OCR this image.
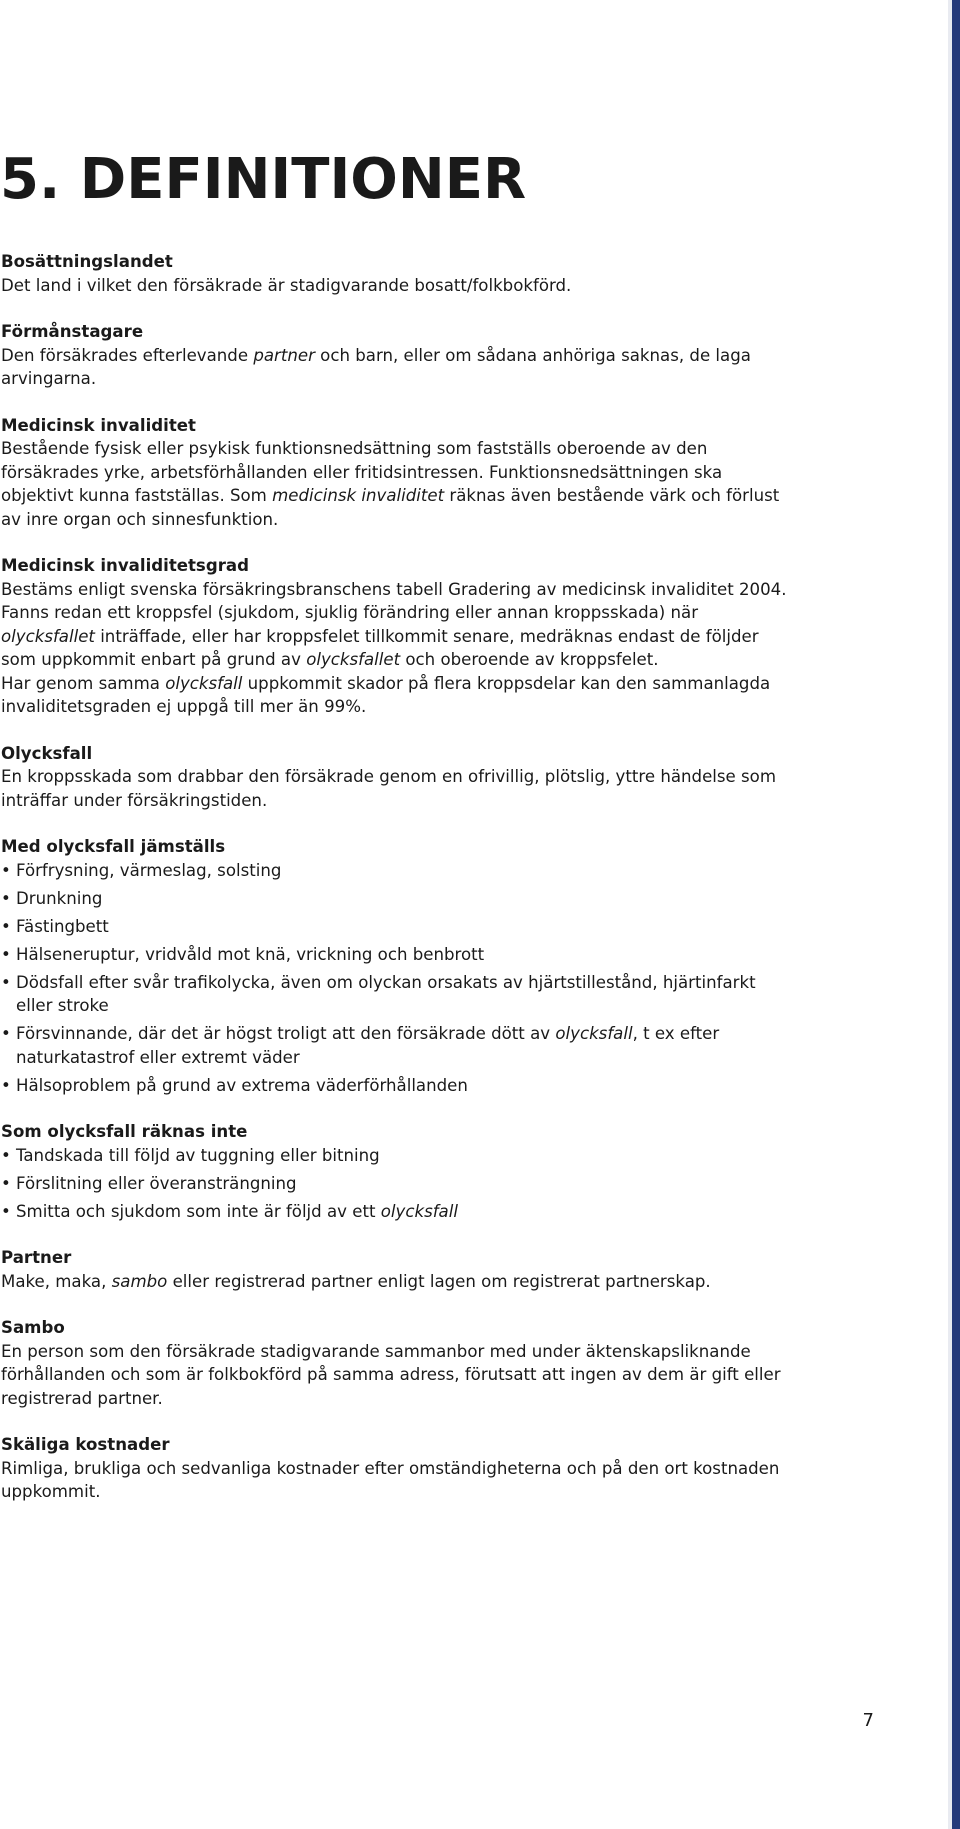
5. DEFINITIONER
Bosättningslandet
Det land i vilket den försäkrade är stadigvarande bosatt/folkbokförd.
Förmånstagare
Den försäkrades efterlevande partner och barn, eller om sådana anhöriga saknas, de laga arvingarna.
Medicinsk invaliditet
Bestående fysisk eller psykisk funktionsnedsättning som fastställs oberoende av den försäkrades yrke, arbetsförhållanden eller fritidsintressen. Funktionsnedsättningen ska objektivt kunna fastställas. Som medicinsk invaliditet räknas även bestående värk och förlust av inre organ och sinnesfunktion.
Medicinsk invaliditetsgrad

Bestäms enligt svenska försäkringsbranschens tabell Gradering av medicinsk invaliditet 2004.

Fanns redan ett kroppsfel (sjukdom, sjuklig förändring eller annan kroppsskada) när olycksfallet inträffade, eller har kroppsfelet tillkommit senare, medräknas endast de följder som uppkommit enbart på grund av olycksfallet och oberoende av kroppsfelet.

Har genom samma olycksfall uppkommit skador på flera kroppsdelar kan den sammanlagda invaliditetsgraden ej uppgå till mer än 99%.

Olycksfall
En kroppsskada som drabbar den försäkrade genom en ofrivillig, plötslig, yttre händelse som inträffar under försäkringstiden.
Med olycksfall jämställs
• Förfrysning, värmeslag, solsting
• Drunkning
• Fästingbett
• Hälseneruptur, vridvåld mot knä, vrickning och benbrott
• Dödsfall efter svår trafikolycka, även om olyckan orsakats av hjärtstillestånd, hjärtinfarkt eller stroke
• Försvinnande, där det är högst troligt att den försäkrade dött av olycksfall, t ex efter naturkatastrof eller extremt väder
• Hälsoproblem på grund av extrema väderförhållanden
Som olycksfall räknas inte
• Tandskada till följd av tuggning eller bitning
• Förslitning eller överansträngning
• Smitta och sjukdom som inte är följd av ett olycksfall
Partner
Make, maka, sambo eller registrerad partner enligt lagen om registrerat partnerskap.
Sambo
En person som den försäkrade stadigvarande sammanbor med under äktenskapsliknande förhållanden och som är folkbokförd på samma adress, förutsatt att ingen av dem är gift eller registrerad partner.
Skäliga kostnader
Rimliga, brukliga och sedvanliga kostnader efter omständigheterna och på den ort kostnaden uppkommit.
7
